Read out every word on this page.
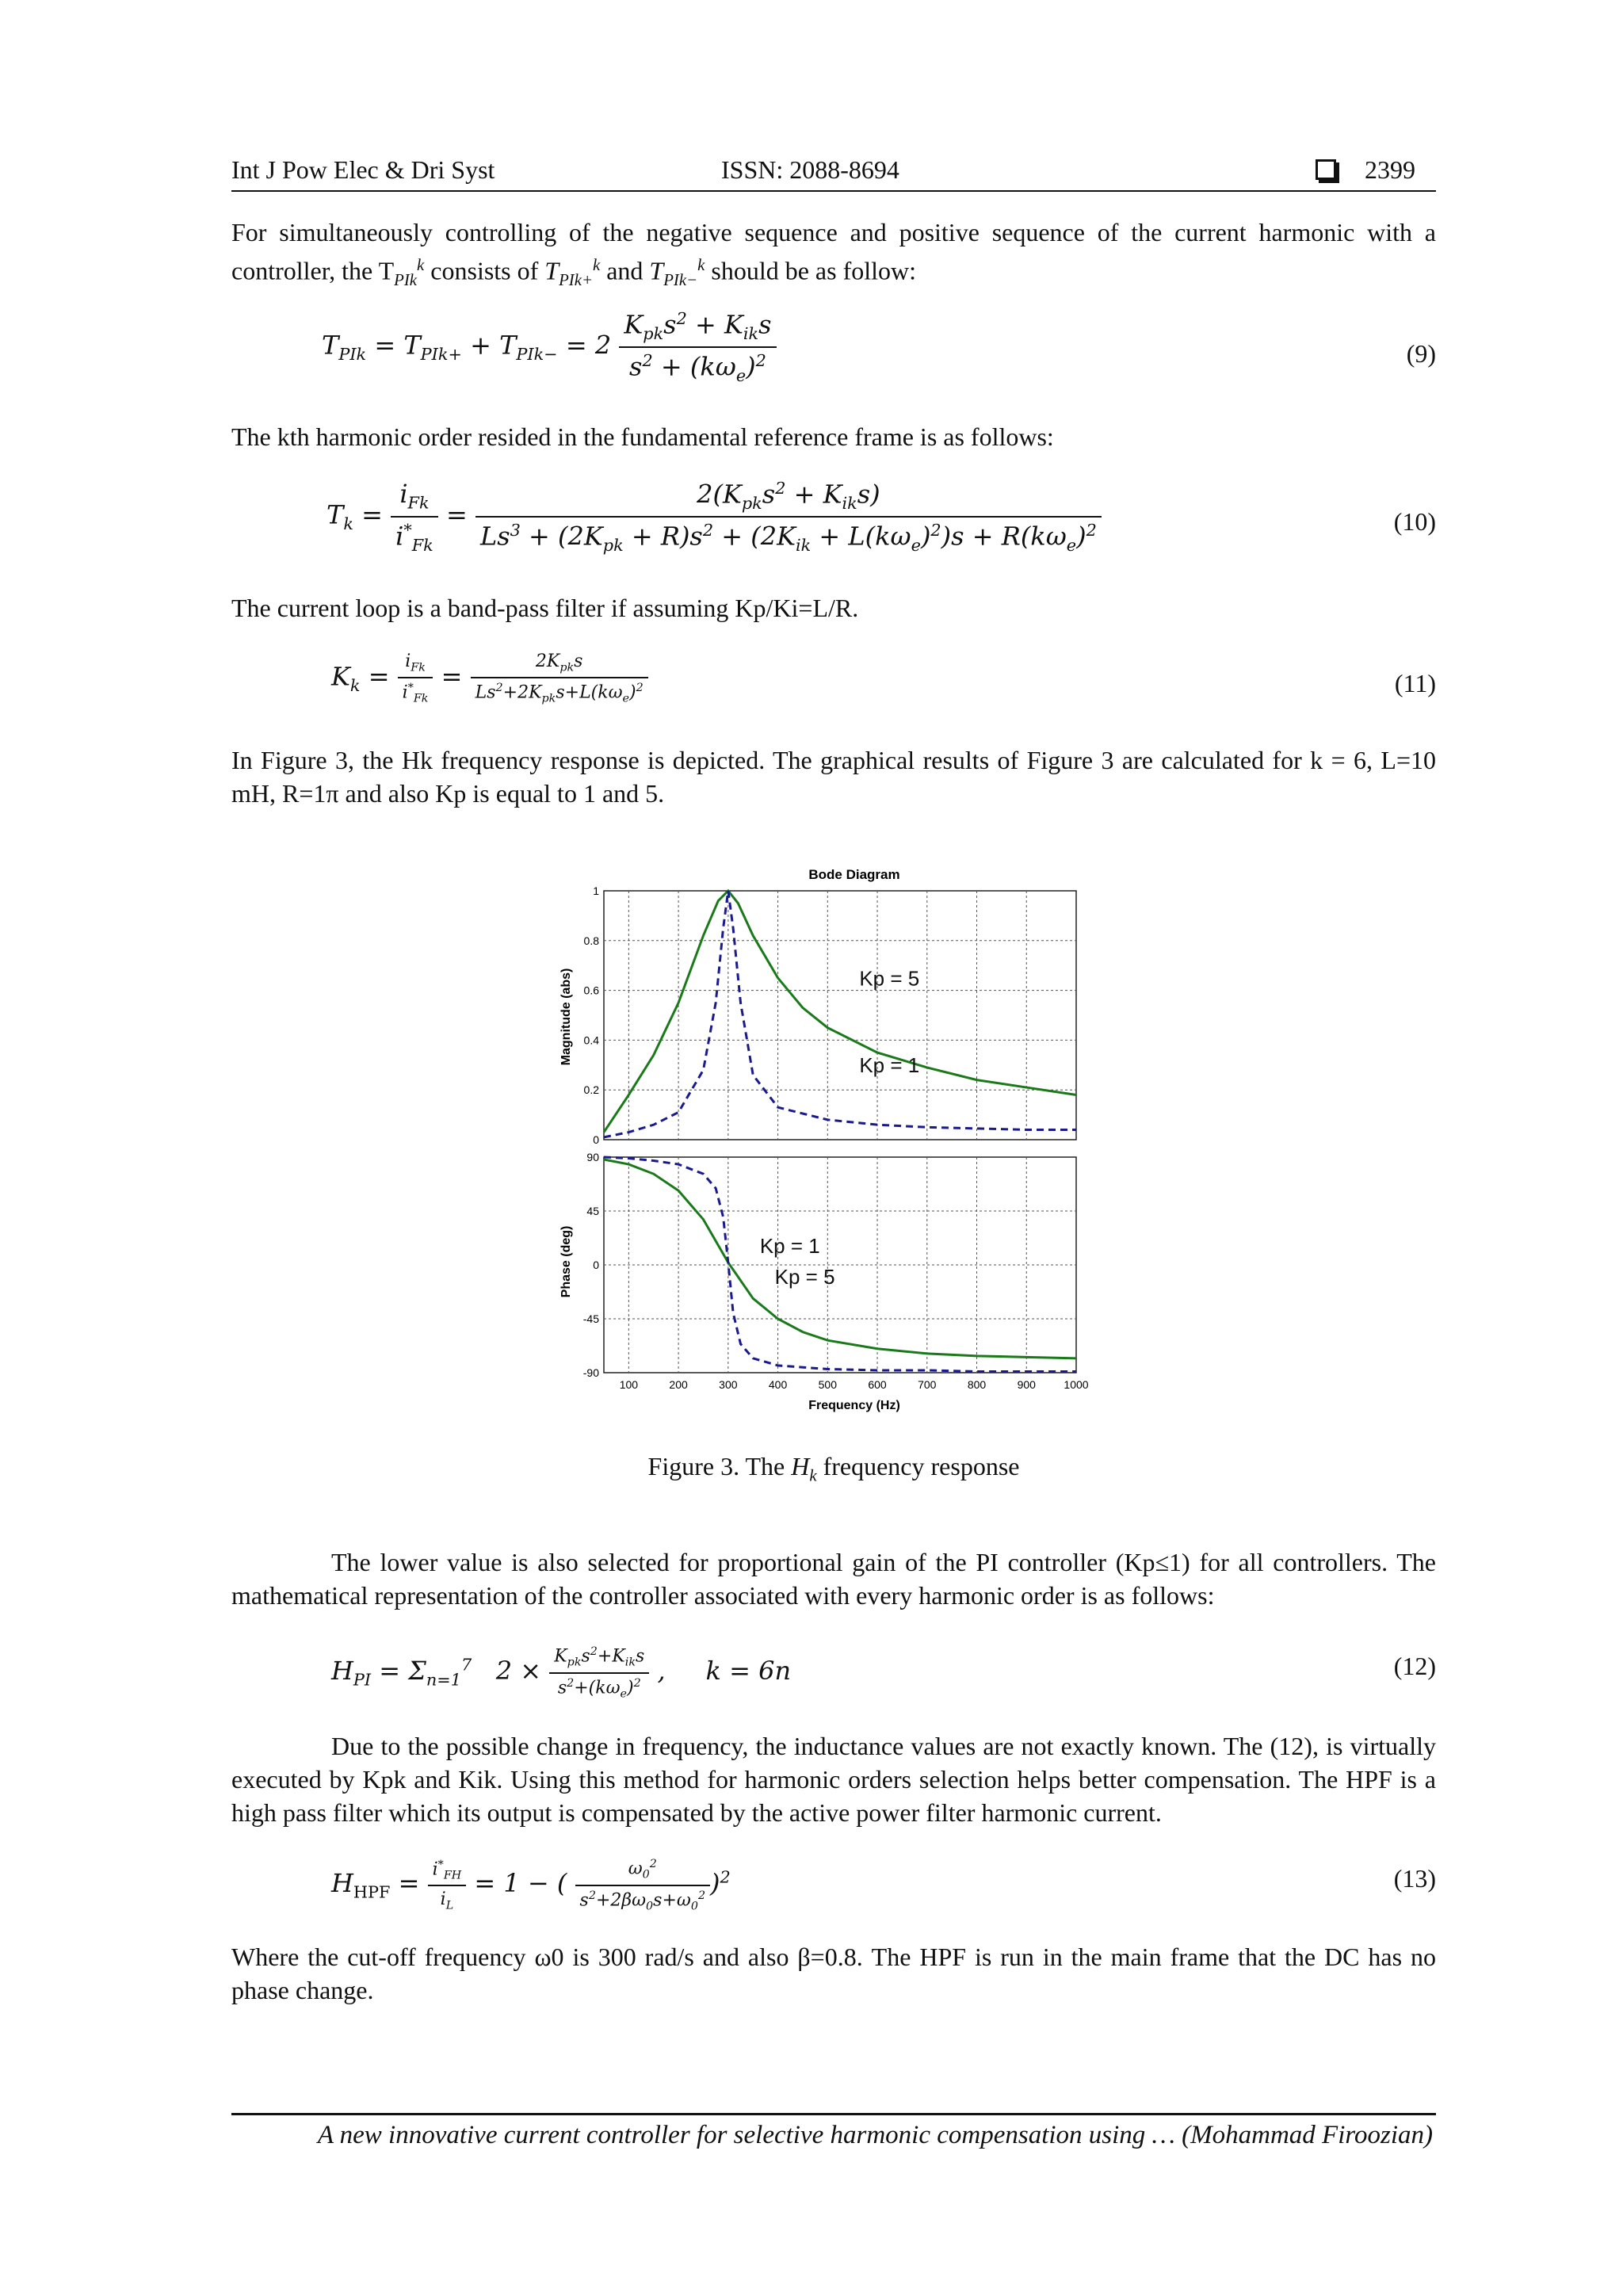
Int J Pow Elec & Dri Syst	ISSN: 2088-8694	2399
For simultaneously controlling of the negative sequence and positive sequence of the current harmonic with a controller, the $T_{PIk}^k$ consists of $T_{PIk+}^k$ and $T_{PIk-}^k$ should be as follow:
$T_{PIk} = T_{PIk+} + T_{PIk-} = 2 \frac{K_{pk}s^2 + K_{ik}s}{s^2 + (k\omega_e)^2}$	(9)
The kth harmonic order resided in the fundamental reference frame is as follows:
$T_k = \frac{i_{Fk}}{i^*_{Fk}} = \frac{2(K_{pk}s^2 + K_{ik}s)}{Ls^3 + (2K_{pk} + R)s^2 + (2K_{ik} + L(k\omega_e)^2)s + R(k\omega_e)^2}$	(10)
The current loop is a band-pass filter if assuming Kp/Ki=L/R.
$K_k = \frac{i_{Fk}}{i^*_{Fk}} = \frac{2K_{pk}s}{Ls^2+2K_{pk}s+L(k\omega_e)^2}$	(11)
In Figure 3, the Hk frequency response is depicted. The graphical results of Figure 3 are calculated for k = 6, L=10 mH, R=1π and also Kp is equal to 1 and 5.
Bode Diagram
Magnitude (abs)
Phase (deg)
Frequency (Hz)
0
0.2
0.4
0.6
0.8
1
Kp = 5
Kp = 1
-90
-45
0
45
90
100	200	300	400	500	600	700	800	900	1000
Kp = 1
Kp = 5
Figure 3. The $H_k$ frequency response
The lower value is also selected for proportional gain of the PI controller (Kp≤1) for all controllers. The mathematical representation of the controller associated with every harmonic order is as follows:
$H_{PI} = \Sigma_{n=1}^7$   $2 \times \frac{K_{pk}s^2+K_{ik}s}{s^2+(k\omega_e)^2}$ ,     k = 6n	(12)
Due to the possible change in frequency, the inductance values are not exactly known. The (12), is virtually executed by Kpk and Kik. Using this method for harmonic orders selection helps better compensation. The HPF is a high pass filter which its output is compensated by the active power filter harmonic current.
$H_{HPF} = \frac{i^*_{FH}}{i_L} = 1$ − ( $\frac{\omega_0^2}{s^2+2\beta\omega_0s+\omega_0^2} )^2$	(13)
Where the cut-off frequency ω0 is 300 rad/s and also β=0.8. The HPF is run in the main frame that the DC has no phase change.
A new innovative current controller for selective harmonic compensation using … (Mohammad Firoozian)
